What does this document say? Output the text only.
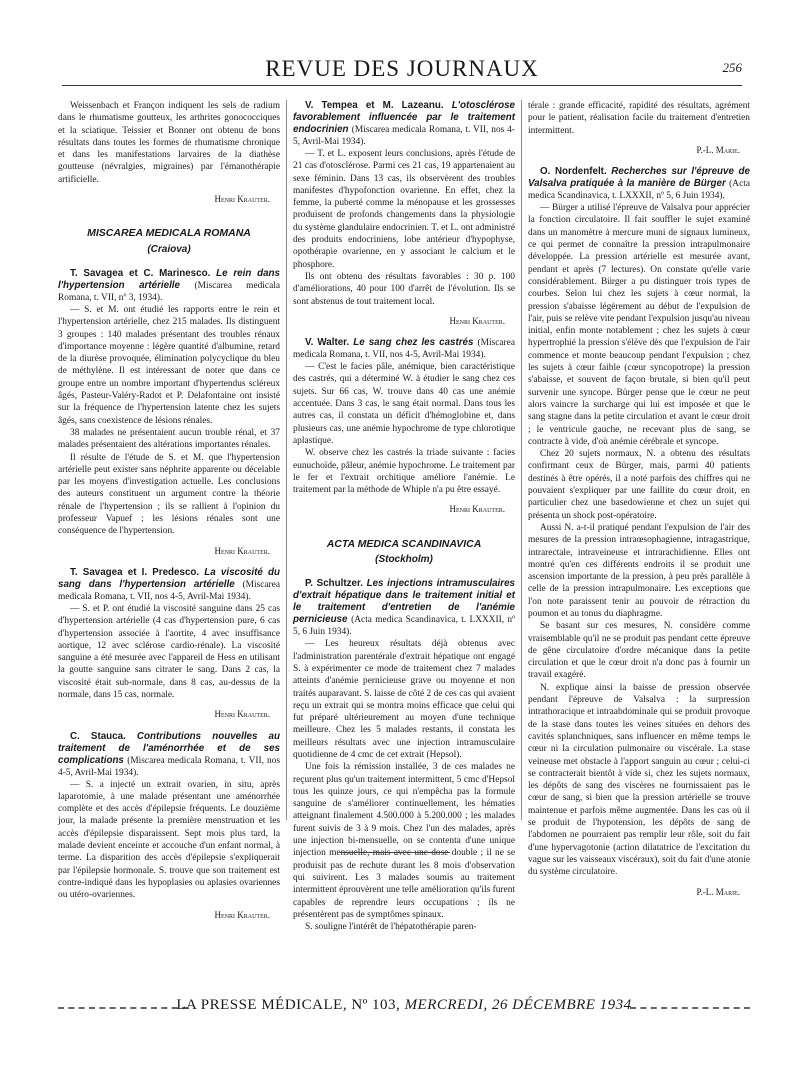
REVUE DES JOURNAUX	256

Weissenbach et Françon indiquent les sels de radium dans le rhumatisme goutteux, les arthrites gonococciques et la sciatique. Teissier et Bonner ont obtenu de bons résultats dans toutes les formes de rhumatisme chronique et dans les manifestations larvaires de la diathèse goutteuse (névralgies, migraines) par l'émanothérapie artificielle.

Henri Krauter.
MISCAREA MEDICALA ROMANA
(Craiova)
T. Savagea et C. Marinesco. Le rein dans l'hypertension artérielle (Miscarea medicala Romana, t. VII, nº 3, 1934).

— S. et M. ont étudié les rapports entre le rein et l'hypertension artérielle, chez 215 malades. Ils distinguent 3 groupes : 140 malades présentant des troubles rénaux d'importance moyenne : légère quantité d'albumine, retard de la diurèse provoquée, élimination polycyclique du bleu de méthylène. Il est intéressant de noter que dans ce groupe entre un nombre important d'hypertendus scléreux âgés, Pasteur-Valéry-Radot et P. Delafontaine ont insisté sur la fréquence de l'hypertension latente chez les sujets âgés, sans coexistence de lésions rénales.

38 malades ne présentaient aucun trouble rénal, et 37 malades présentaient des altérations importantes rénales.

Il résulte de l'étude de S. et M. que l'hypertension artérielle peut exister sans néphrite apparente ou décelable par les moyens d'investigation actuelle. Les conclusions des auteurs constituent un argument contre la théorie rénale de l'hypertension ; ils se rallient à l'opinion du professeur Vapuef ; les lésions rénales sont une conséquence de l'hypertension.

Henri Krauter.
T. Savagea et I. Predesco. La viscosité du sang dans l'hypertension artérielle (Miscarea medicala Romana, t. VII, nos 4-5, Avril-Mai 1934).

— S. et P. ont étudié la viscosité sanguine dans 25 cas d'hypertension artérielle (4 cas d'hypertension pure, 6 cas d'hypertension associée à l'aortite, 4 avec insuffisance aortique, 12 avec sclérose cardio-rénale). La viscosité sanguine a été mesurée avec l'appareil de Hess en utilisant la goutte sanguine sans citrater le sang. Dans 2 cas, la viscosité était sub-normale, dans 8 cas, au-dessus de la normale, dans 15 cas, normale.

Henri Krauter.
C. Stauca. Contributions nouvelles au traitement de l'aménorrhée et de ses complications (Miscarea medicala Romana, t. VII, nos 4-5, Avril-Mai 1934).

— S. a injecté un extrait ovarien, in situ, après laparotomie, à une malade présentant une aménorrhée complète et des accès d'épilepsie fréquents. Le douzième jour, la malade présente la première menstruation et les accès d'épilepsie disparaissent. Sept mois plus tard, la malade devient enceinte et accouche d'un enfant normal, à terme. La disparition des accès d'épilepsie s'expliquerait par l'épilepsie hormonale. S. trouve que son traitement est contre-indiqué dans les hypoplasies ou aplasies ovariennes ou utéro-ovariennes.

Henri Krauter.
V. Tempea et M. Lazeanu. L'otosclérose favorablement influencée par le traitement endocrinien (Miscarea medicala Romana, t. VII, nos 4-5, Avril-Mai 1934).

— T. et L. exposent leurs conclusions, après l'étude de 21 cas d'otosclérose. Parmi ces 21 cas, 19 appartenaient au sexe féminin. Dans 13 cas, ils observèrent des troubles manifestes d'hypofonction ovarienne. En effet, chez la femme, la puberté comme la ménopause et les grossesses produisent de profonds changements dans la physiologie du système glandulaire endocrinien. T. et L. ont administré des produits endocriniens, lobe antérieur d'hypophyse, opothérapie ovarienne, en y associant le calcium et le phosphore.

Ils ont obtenu des résultats favorables : 30 p. 100 d'améliorations, 40 pour 100 d'arrêt de l'évolution. Ils se sont abstenus de tout traitement local.

Henri Krauter.
V. Walter. Le sang chez les castrés (Miscarea medicala Romana, t. VII, nos 4-5, Avril-Mai 1934).

— C'est le facies pâle, anémique, bien caractéristique des castrés, qui a déterminé W. à étudier le sang chez ces sujets. Sur 66 cas, W. trouve dans 40 cas une anémie accentuée. Dans 3 cas, le sang était normal. Dans tous les autres cas, il constata un déficit d'hémoglobine et, dans plusieurs cas, une anémie hypochrome de type chlorotique aplastique.

W. observe chez les castrés la triade suivante : facies eunuchoïde, pâleur, anémie hypochrome. Le traitement par le fer et l'extrait orchitique améliore l'anémie. Le traitement par la méthode de Whiple n'a pu être essayé.

Henri Krauter.
ACTA MEDICA SCANDINAVICA
(Stockholm)
P. Schultzer. Les injections intramusculaires d'extrait hépatique dans le traitement initial et le traitement d'entretien de l'anémie pernicieuse (Acta medica Scandinavica, t. LXXXII, nº 5, 6 Juin 1934).

— Les heureux résultats déjà obtenus avec l'administration parentérale d'extrait hépatique ont engagé S. à expérimenter ce mode de traitement chez 7 malades atteints d'anémie pernicieuse grave ou moyenne et non traités auparavant. S. laisse de côté 2 de ces cas qui avaient reçu un extrait qui se montra moins efficace que celui qui fut préparé ultérieurement au moyen d'une technique meilleure. Chez les 5 malades restants, il constata les meilleurs résultats avec une injection intramusculaire quotidienne de 4 cmc de cet extrait (Hepsol).

Une fois la rémission installée, 3 de ces malades ne reçurent plus qu'un traitement intermittent, 5 cmc d'Hepsol tous les quinze jours, ce qui n'empêcha pas la formule sanguine de s'améliorer continuellement, les hématies atteignant finalement 4.500.000 à 5.200.000 ; les malades furent suivis de 3 à 9 mois. Chez l'un des malades, après une injection bi-mensuelle, on se contenta d'une unique injection mensuelle, mais avec une dose double ; il ne se produisit pas de rechute durant les 8 mois d'observation qui suivirent. Les 3 malades soumis au traitement intermittent éprouvèrent une telle amélioration qu'ils furent capables de reprendre leurs occupations ; ils ne présentèrent pas de symptômes spinaux.

S. souligne l'intérêt de l'hépatothérapie paren-

térale : grande efficacité, rapidité des résultats, agrément pour le patient, réalisation facile du traitement d'entretien intermittent.

P.-L. Marie.
O. Nordenfelt. Recherches sur l'épreuve de Valsalva pratiquée à la manière de Bürger (Acta medica Scandinavica, t. LXXXII, nº 5, 6 Juin 1934).

— Bürger a utilisé l'épreuve de Valsalva pour apprécier la fonction circulatoire. Il fait souffler le sujet examiné dans un manomètre à mercure muni de signaux lumineux, ce qui permet de connaître la pression intrapulmonaire développée. La pression artérielle est mesurée avant, pendant et après (7 lectures). On constate qu'elle varie considérablement. Bürger a pu distinguer trois types de courbes. Selon lui chez les sujets à cœur normal, la pression s'abaisse légèrement au début de l'expulsion de l'air, puis se relève vite pendant l'expulsion jusqu'au niveau initial, enfin monte notablement ; chez les sujets à cœur hypertrophié la pression s'élève dès que l'expulsion de l'air commence et monte beaucoup pendant l'expulsion ; chez les sujets à cœur faible (cœur syncopotrope) la pression s'abaisse, et souvent de façon brutale, si bien qu'il peut survenir une syncope. Bürger pense que le cœur ne peut alors vaincre la surcharge qui lui est imposée et que le sang stagne dans la petite circulation et avant le cœur droit ; le ventricule gauche, ne recevant plus de sang, se contracte à vide, d'où anémie cérébrale et syncope.

Chez 20 sujets normaux, N. a obtenu des résultats confirmant ceux de Bürger, mais, parmi 40 patients destinés à être opérés, il a noté parfois des chiffres qui ne pouvaient s'expliquer par une faillite du cœur droit, en particulier chez une basedowienne et chez un sujet qui présenta un shock post-opératoire.

Aussi N. a-t-il pratiqué pendant l'expulsion de l'air des mesures de la pression intraœsophagienne, intragastrique, intrarectale, intraveineuse et intrarachidienne. Elles ont montré qu'en ces différents endroits il se produit une ascension importante de la pression, à peu près parallèle à celle de la pression intrapulmonaire. Les exceptions que l'on note paraissent tenir au pouvoir de rétraction du poumon et au tonus du diaphragme.

Se basant sur ces mesures, N. considère comme vraisemblable qu'il ne se produit pas pendant cette épreuve de gêne circulatoire d'ordre mécanique dans la petite circulation et que le cœur droit n'a donc pas à fournir un travail exagéré.

N. explique ainsi la baisse de pression observée pendant l'épreuve de Valsalva : la surpression intrathoracique et intraabdominale qui se produit provoque de la stase dans toutes les veines situées en dehors des cavités splanchniques, sans influencer en même temps le cœur ni la circulation pulmonaire ou viscérale. La stase veineuse met obstacle à l'apport sanguin au cœur ; celui-ci se contracterait bientôt à vide si, chez les sujets normaux, les dépôts de sang des viscères ne fournissaient pas le cœur de sang, si bien que la pression artérielle se trouve maintenue et parfois même augmentée. Dans les cas où il se produit de l'hypotension, les dépôts de sang de l'abdomen ne pourraient pas remplir leur rôle, soit du fait d'une hypervagotonie (action dilatatrice de l'excitation du vague sur les vaisseaux viscéraux), soit du fait d'une atonie du système circulatoire.

P.-L. Marie.
LA PRESSE MÉDICALE, Nº 103, MERCREDI, 26 DÉCEMBRE 1934
